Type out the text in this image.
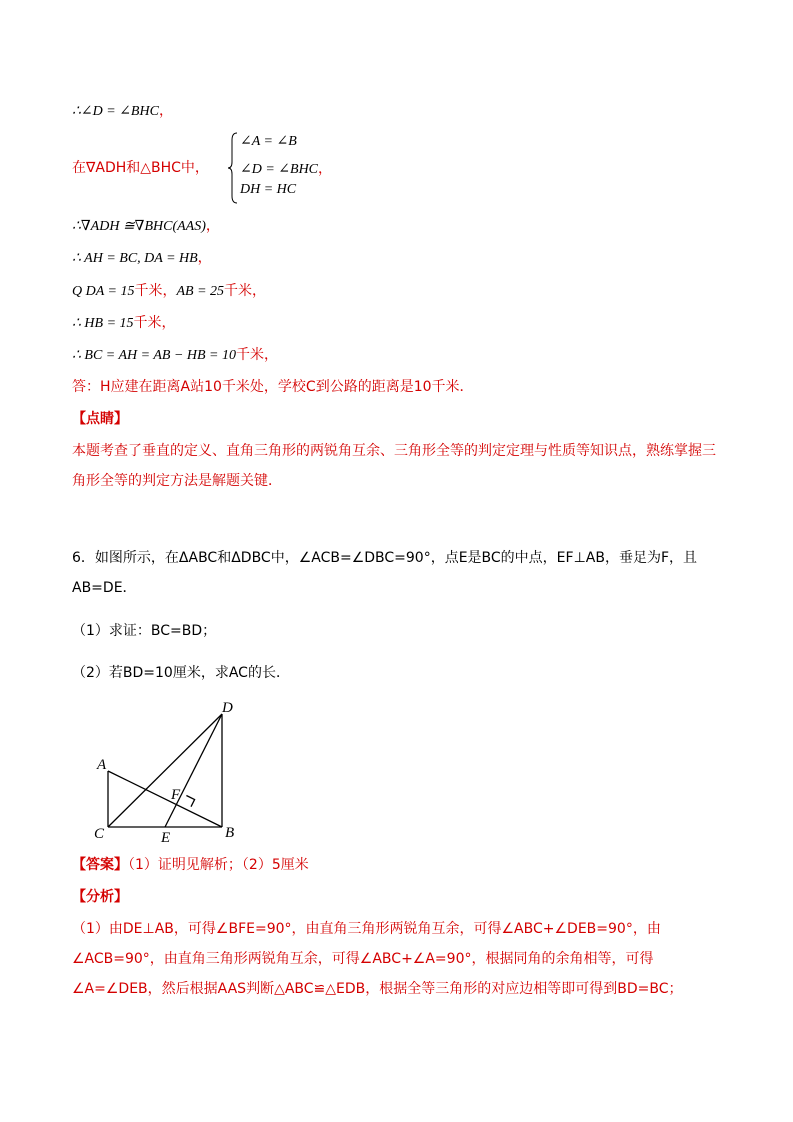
∴∠D = ∠BHC，
在∇ADH和△BHC中，
∠A = ∠B
∠D = ∠BHC，
DH = HC
∴∇ADH ≅∇BHC(AAS)，
∴ AH = BC, DA = HB，
Q DA = 15千米，AB = 25千米，
∴ HB = 15千米，
∴ BC = AH = AB − HB = 10千米，
答：H应建在距离A站10千米处，学校C到公路的距离是10千米．
【点睛】
本题考查了垂直的定义、直角三角形的两锐角互余、三角形全等的判定定理与性质等知识点，熟练掌握三角形全等的判定方法是解题关键．
6．如图所示，在ΔABC和ΔDBC中，∠ACB=∠DBC=90°，点E是BC的中点，EF⊥AB，垂足为F，且AB=DE．
（1）求证：BC=BD；
（2）若BD=10厘米，求AC的长．
D
A
F
C	E	B
【答案】（1）证明见解析；（2）5厘米
【分析】
（1）由DE⊥AB，可得∠BFE=90°，由直角三角形两锐角互余，可得∠ABC+∠DEB=90°，由∠ACB=90°，由直角三角形两锐角互余，可得∠ABC+∠A=90°，根据同角的余角相等，可得∠A=∠DEB，然后根据AAS判断△ABC≌△EDB，根据全等三角形的对应边相等即可得到BD=BC；
